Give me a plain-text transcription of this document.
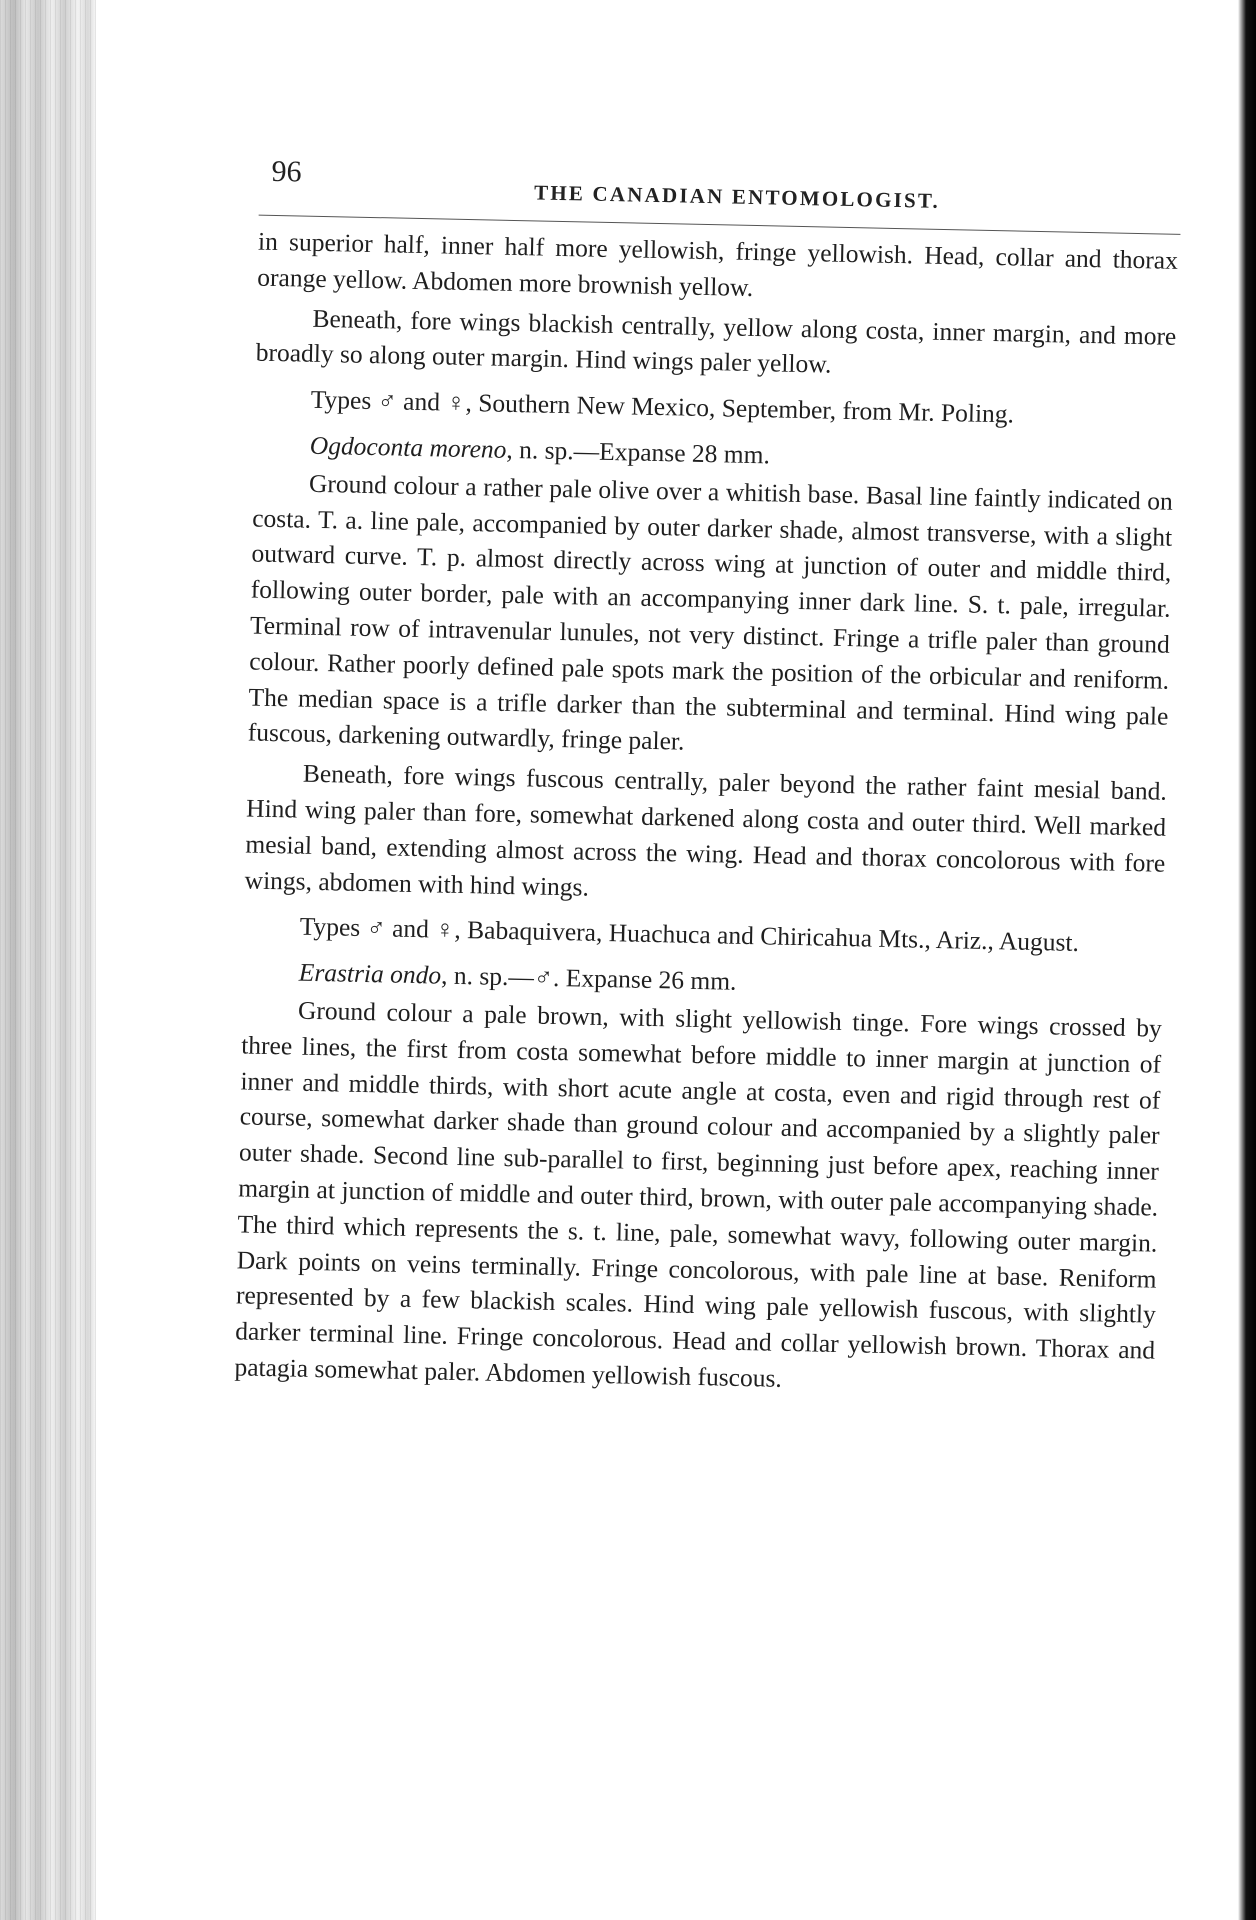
96
THE CANADIAN ENTOMOLOGIST.

in superior half, inner half more yellowish, fringe yellowish. Head, collar and thorax orange yellow. Abdomen more brownish yellow.

Beneath, fore wings blackish centrally, yellow along costa, inner margin, and more broadly so along outer margin. Hind wings paler yellow.

Types ♂ and ♀, Southern New Mexico, September, from Mr. Poling.

Ogdoconta moreno, n. sp.—Expanse 28 mm.

Ground colour a rather pale olive over a whitish base. Basal line faintly indicated on costa. T. a. line pale, accompanied by outer darker shade, almost transverse, with a slight outward curve. T. p. almost directly across wing at junction of outer and middle third, following outer border, pale with an accompanying inner dark line. S. t. pale, irregular. Terminal row of intravenular lunules, not very distinct. Fringe a trifle paler than ground colour. Rather poorly defined pale spots mark the position of the orbicular and reniform. The median space is a trifle darker than the subterminal and terminal. Hind wing pale fuscous, darkening outwardly, fringe paler.

Beneath, fore wings fuscous centrally, paler beyond the rather faint mesial band. Hind wing paler than fore, somewhat darkened along costa and outer third. Well marked mesial band, extending almost across the wing. Head and thorax concolorous with fore wings, abdomen with hind wings.

Types ♂ and ♀, Babaquivera, Huachuca and Chiricahua Mts., Ariz., August.

Erastria ondo, n. sp.—♂. Expanse 26 mm.

Ground colour a pale brown, with slight yellowish tinge. Fore wings crossed by three lines, the first from costa somewhat before middle to inner margin at junction of inner and middle thirds, with short acute angle at costa, even and rigid through rest of course, somewhat darker shade than ground colour and accompanied by a slightly paler outer shade. Second line sub-parallel to first, beginning just before apex, reaching inner margin at junction of middle and outer third, brown, with outer pale accompanying shade. The third which represents the s. t. line, pale, somewhat wavy, following outer margin. Dark points on veins terminally. Fringe concolorous, with pale line at base. Reniform represented by a few blackish scales. Hind wing pale yellowish fuscous, with slightly darker terminal line. Fringe concolorous. Head and collar yellowish brown. Thorax and patagia somewhat paler. Abdomen yellowish fuscous.
